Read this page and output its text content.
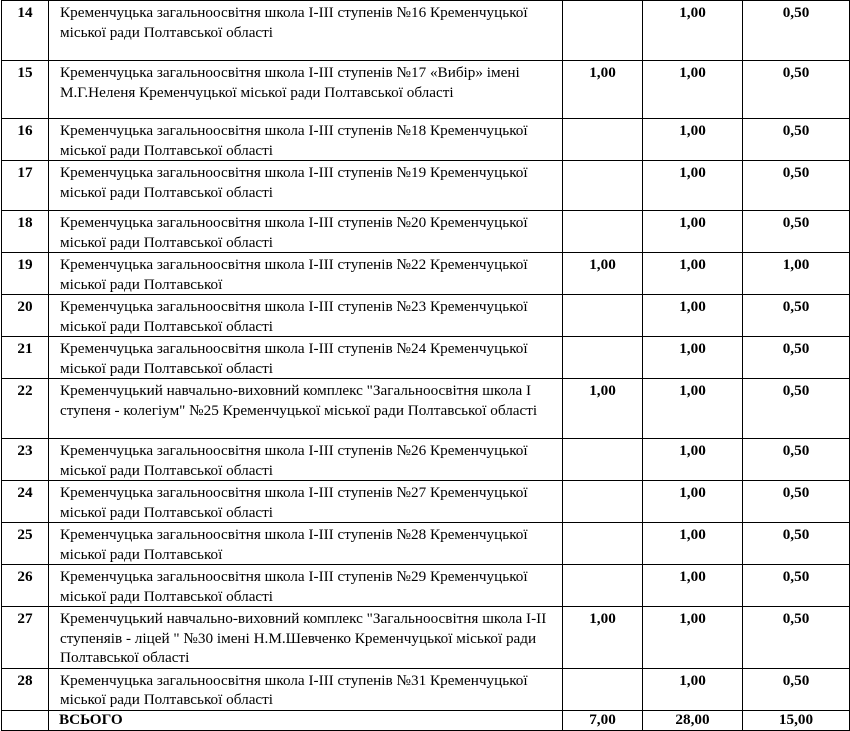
14	Кременчуцька загальноосвітня школа І-ІІІ ступенів №16 Кременчуцької міської ради Полтавської області		1,00	0,50
15	Кременчуцька загальноосвітня школа І-ІІІ ступенів №17 «Вибір» імені М.Г.Неленя Кременчуцької міської ради Полтавської області	1,00	1,00	0,50
16	Кременчуцька загальноосвітня школа І-ІІІ ступенів №18 Кременчуцької міської ради Полтавської області		1,00	0,50
17	Кременчуцька загальноосвітня школа І-ІІІ ступенів №19 Кременчуцької міської ради Полтавської області		1,00	0,50
18	Кременчуцька загальноосвітня школа І-ІІІ ступенів №20 Кременчуцької міської ради Полтавської області		1,00	0,50
19	Кременчуцька загальноосвітня школа І-ІІІ ступенів №22 Кременчуцької міської ради Полтавської	1,00	1,00	1,00
20	Кременчуцька загальноосвітня школа І-ІІІ ступенів №23 Кременчуцької міської ради Полтавської області		1,00	0,50
21	Кременчуцька загальноосвітня школа І-ІІІ ступенів №24 Кременчуцької міської ради Полтавської області		1,00	0,50
22	Кременчуцький навчально-виховний комплекс "Загальноосвітня школа І ступеня - колегіум" №25 Кременчуцької міської ради Полтавської області	1,00	1,00	0,50
23	Кременчуцька загальноосвітня школа І-ІІІ ступенів №26 Кременчуцької міської ради Полтавської області		1,00	0,50
24	Кременчуцька загальноосвітня школа І-ІІІ ступенів №27 Кременчуцької міської ради Полтавської області		1,00	0,50
25	Кременчуцька загальноосвітня школа І-ІІІ ступенів №28 Кременчуцької міської ради Полтавської		1,00	0,50
26	Кременчуцька загальноосвітня школа І-ІІІ ступенів №29 Кременчуцької міської ради Полтавської області		1,00	0,50
27	Кременчуцький навчально-виховний комплекс "Загальноосвітня школа І-ІІ ступеняів - ліцей " №30 імені Н.М.Шевченко Кременчуцької міської ради Полтавської області	1,00	1,00	0,50
28	Кременчуцька загальноосвітня школа І-ІІІ ступенів №31 Кременчуцької міської ради Полтавської області		1,00	0,50
	ВСЬОГО	7,00	28,00	15,00
